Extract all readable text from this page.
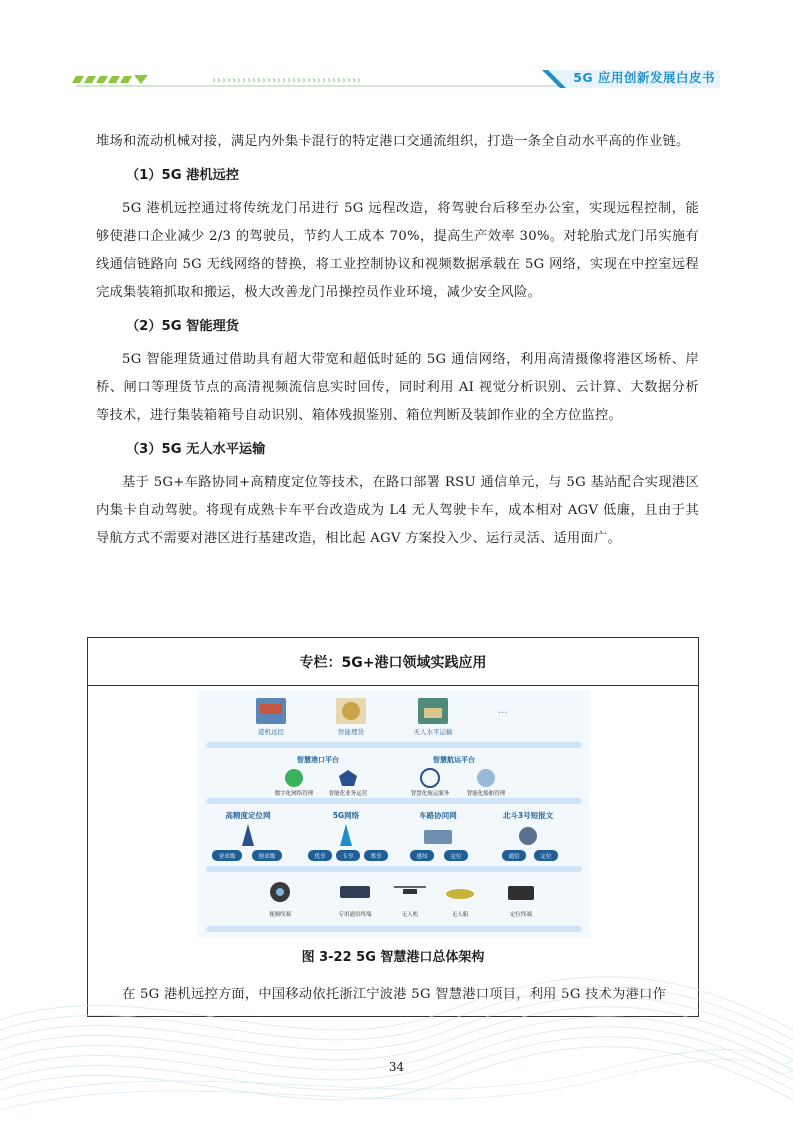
››››››››››››››››››››››››››››››	5G 应用创新发展白皮书

堆场和流动机械对接，满足内外集卡混行的特定港口交通流组织，打造一条全自动水平高的作业链。

（1）5G 港机远控

5G 港机远控通过将传统龙门吊进行 5G 远程改造，将驾驶台后移至办公室，实现远程控制，能够使港口企业减少 2/3 的驾驶员，节约人工成本 70%，提高生产效率 30%。对轮胎式龙门吊实施有线通信链路向 5G 无线网络的替换，将工业控制协议和视频数据承载在 5G 网络，实现在中控室远程完成集装箱抓取和搬运，极大改善龙门吊操控员作业环境，减少安全风险。

（2）5G 智能理货

5G 智能理货通过借助具有超大带宽和超低时延的 5G 通信网络，利用高清摄像将港区场桥、岸桥、闸口等理货节点的高清视频流信息实时回传，同时利用 AI 视觉分析识别、云计算、大数据分析等技术，进行集装箱箱号自动识别、箱体残损鉴别、箱位判断及装卸作业的全方位监控。

（3）5G 无人水平运输

基于 5G+车路协同+高精度定位等技术，在路口部署 RSU 通信单元，与 5G 基站配合实现港区内集卡自动驾驶。将现有成熟卡车平台改造成为 L4 无人驾驶卡车，成本相对 AGV 低廉，且由于其导航方式不需要对港区进行基建改造，相比起 AGV 方案投入少、运行灵活、适用面广。

专栏：5G+港口领域实践应用
港机远控	智能理货	无人水平运输
···
智慧港口平台	智慧航运平台
数字化网络管理	智能化业务运营	智慧化航运服务	智能化船舶管理
高精度定位网	5G网络	车路协同网	北斗3号短报文
亚米级	厘米级	优享	专享	尊享	感知	定位	通信	定位
视频终端	专用通信终端	无人机	无人船	定位终端
图 3-22 5G 智慧港口总体架构

在 5G 港机远控方面，中国移动依托浙江宁波港 5G 智慧港口项目，利用 5G 技术为港口作

34
